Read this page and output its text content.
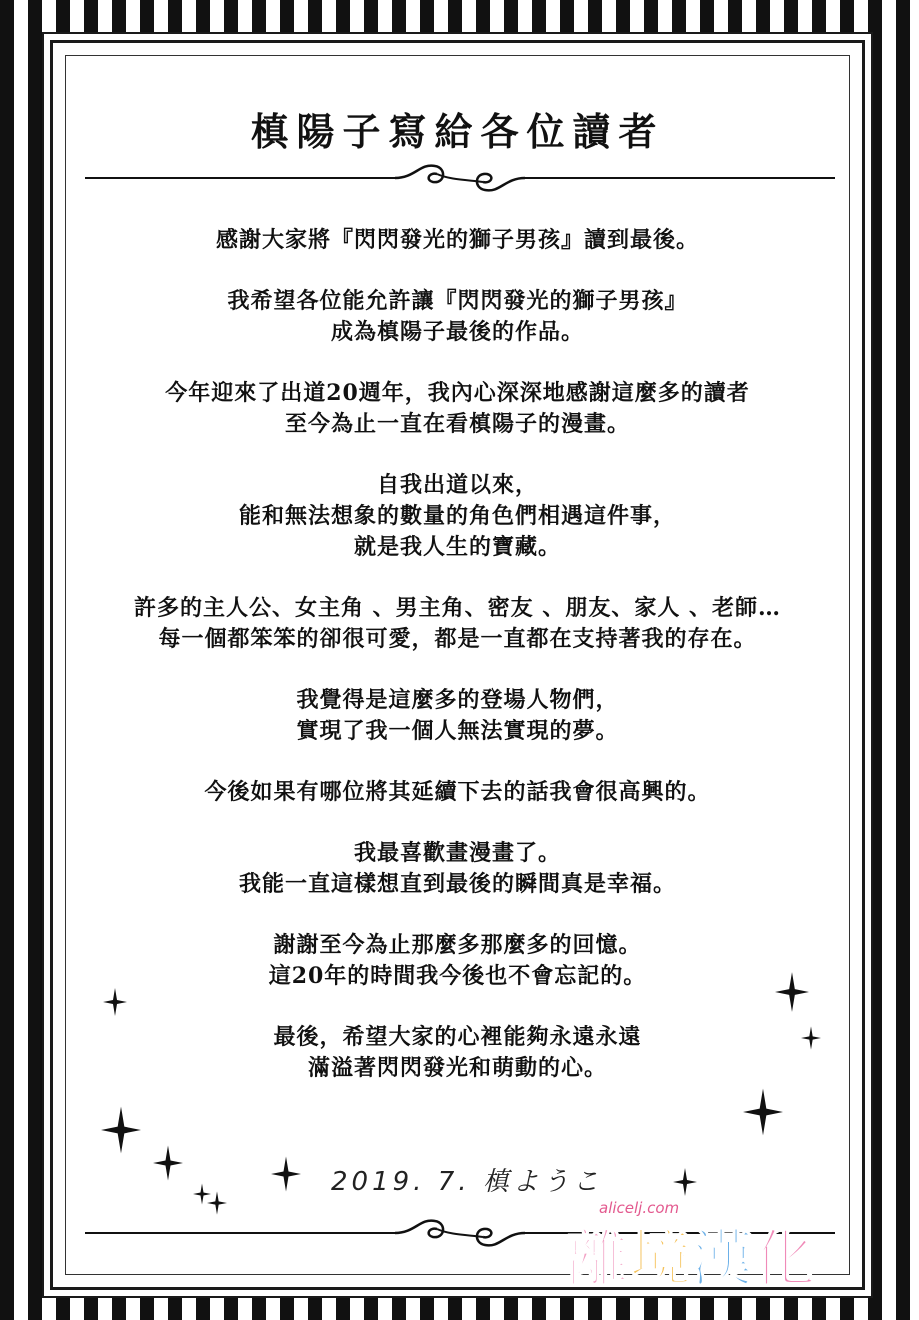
槙陽子寫給各位讀者
感謝大家將『閃閃發光的獅子男孩』讀到最後。
我希望各位能允許讓『閃閃發光的獅子男孩』
成為槙陽子最後的作品。
今年迎來了出道20週年，我內心深深地感謝這麼多的讀者
至今為止一直在看槙陽子的漫畫。
自我出道以來，
能和無法想象的數量的角色們相遇這件事，
就是我人生的寶藏。
許多的主人公、女主角 、男主角、密友 、朋友、家人 、老師…
每一個都笨笨的卻很可愛，都是一直都在支持著我的存在。
我覺得是這麼多的登場人物們，
實現了我一個人無法實現的夢。
今後如果有哪位將其延續下去的話我會很高興的。
我最喜歡畫漫畫了。
我能一直這樣想直到最後的瞬間真是幸福。
謝謝至今為止那麼多那麼多的回憶。
這20年的時間我今後也不會忘記的。
最後，希望大家的心裡能夠永遠永遠
滿溢著閃閃發光和萌動的心。
2019. 7. 槙ようこ
alicelj.com
離境漢化
